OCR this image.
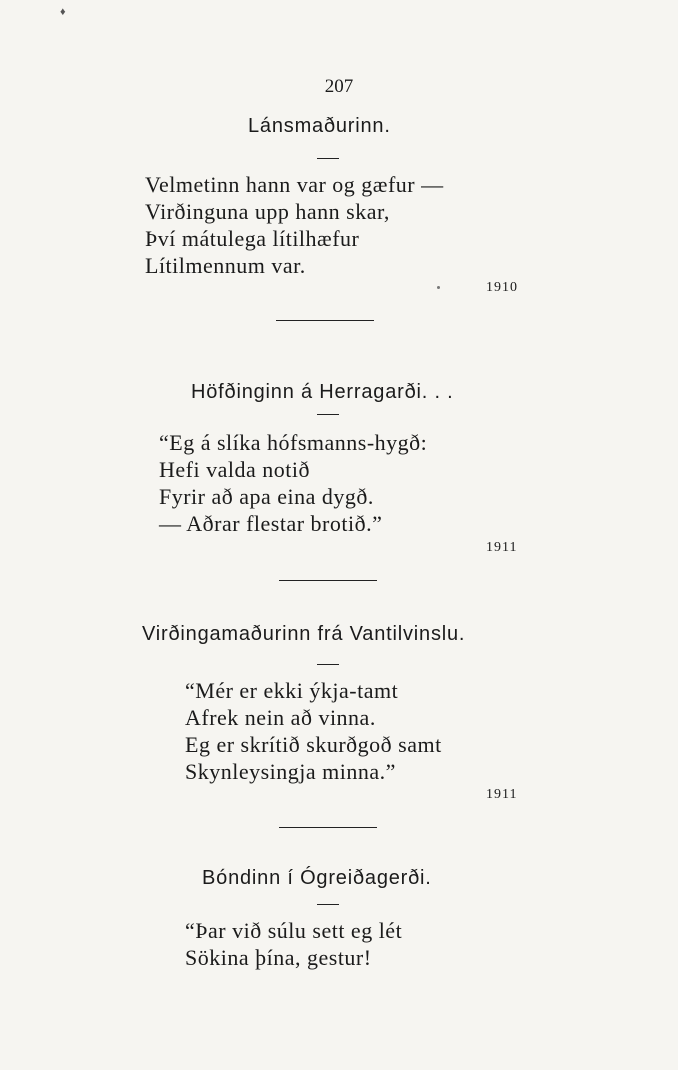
♦
207
Lánsmaðurinn.
Velmetinn hann var og gæfur —
Virðinguna upp hann skar,
Því mátulega lítilhæfur
Lítilmennum var.
1910
Höfðinginn á Herragarði. . .
“Eg á slíka hófsmanns-hygð:
Hefi valda notið
Fyrir að apa eina dygð.
— Aðrar flestar brotið.”
1911
Virðingamaðurinn frá Vantilvinslu.
“Mér er ekki ýkja-tamt
Afrek nein að vinna.
Eg er skrítið skurðgoð samt
Skynleysingja minna.”
1911
Bóndinn í Ógreiðagerði.
“Þar við súlu sett eg lét
Sökina þína, gestur!
